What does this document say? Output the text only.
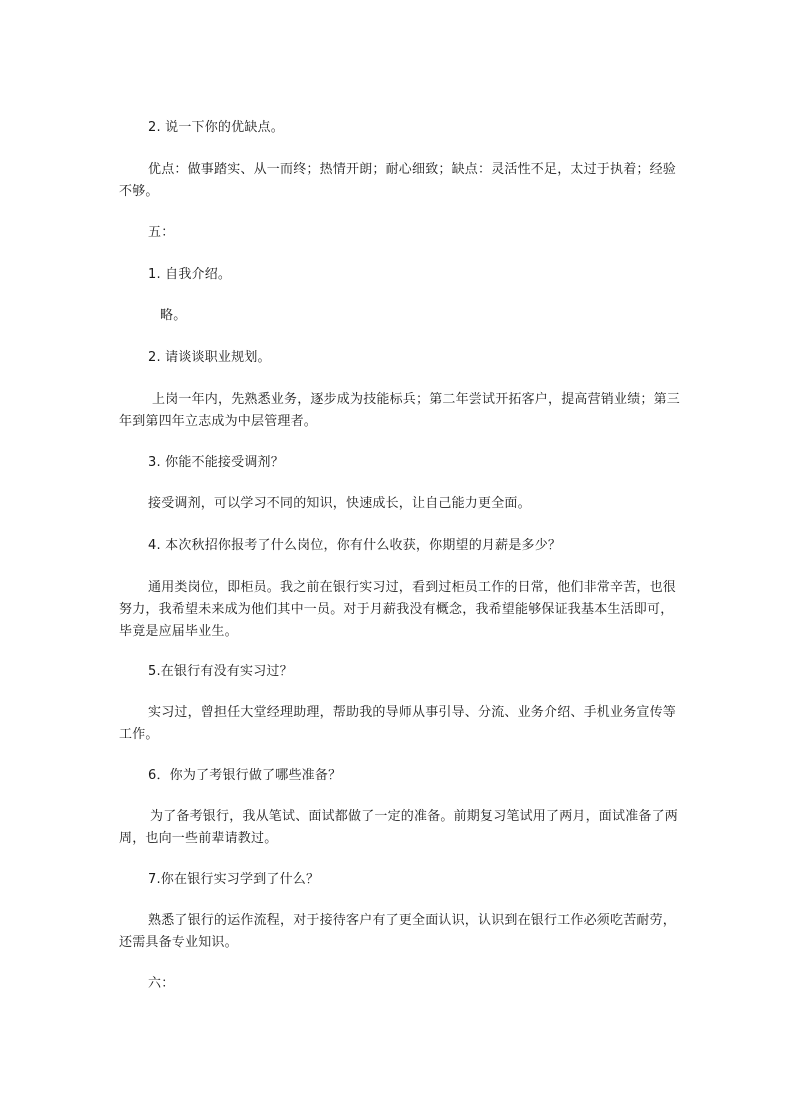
2. 说一下你的优缺点。

优点：做事踏实、从一而终；热情开朗；耐心细致；缺点：灵活性不足，太过于执着；经验不够。

五：

1. 自我介绍。

略。

2. 请谈谈职业规划。

上岗一年内，先熟悉业务，逐步成为技能标兵；第二年尝试开拓客户，提高营销业绩；第三年到第四年立志成为中层管理者。

3. 你能不能接受调剂？

接受调剂，可以学习不同的知识，快速成长，让自己能力更全面。

4. 本次秋招你报考了什么岗位，你有什么收获，你期望的月薪是多少？

通用类岗位，即柜员。我之前在银行实习过，看到过柜员工作的日常，他们非常辛苦，也很努力，我希望未来成为他们其中一员。对于月薪我没有概念，我希望能够保证我基本生活即可，毕竟是应届毕业生。

5.在银行有没有实习过？

实习过，曾担任大堂经理助理，帮助我的导师从事引导、分流、业务介绍、手机业务宣传等工作。

6．你为了考银行做了哪些准备？

为了备考银行，我从笔试、面试都做了一定的准备。前期复习笔试用了两月，面试准备了两周，也向一些前辈请教过。

7.你在银行实习学到了什么？

熟悉了银行的运作流程，对于接待客户有了更全面认识，认识到在银行工作必须吃苦耐劳，还需具备专业知识。

六：
